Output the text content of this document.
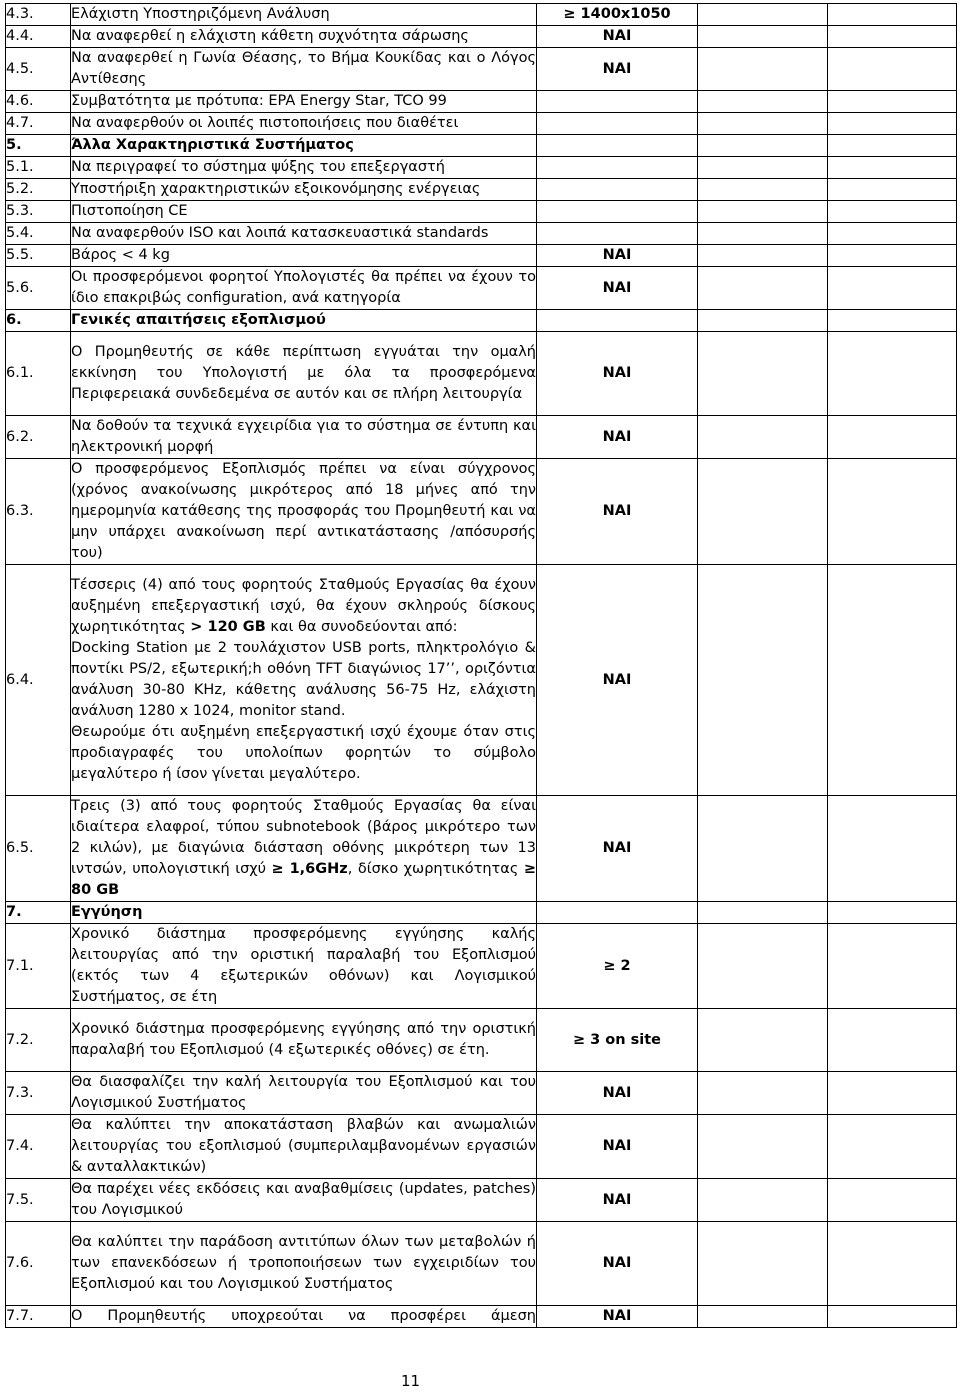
4.3.	Ελάχιστη Υποστηριζόμενη Ανάλυση	≥ 1400x1050		
4.4.	Να αναφερθεί η ελάχιστη κάθετη συχνότητα σάρωσης	ΝΑΙ		
4.5.	Να αναφερθεί η Γωνία Θέασης, το Βήμα Κουκίδας και ο Λόγος Αντίθεσης	ΝΑΙ		
4.6.	Συμβατότητα με πρότυπα: EPA Energy Star, TCO 99			
4.7.	Να αναφερθούν οι λοιπές πιστοποιήσεις που διαθέτει			
5.	Άλλα Χαρακτηριστικά Συστήματος			
5.1.	Να περιγραφεί το σύστημα ψύξης του επεξεργαστή			
5.2.	Υποστήριξη χαρακτηριστικών εξοικονόμησης ενέργειας			
5.3.	Πιστοποίηση CE			
5.4.	Να αναφερθούν ISO και λοιπά κατασκευαστικά standards			
5.5.	Βάρος < 4 kg	ΝΑΙ		
5.6.	Οι προσφερόμενοι φορητοί Υπολογιστές θα πρέπει να έχουν το ίδιο επακριβώς configuration, ανά κατηγορία	ΝΑΙ		
6.	Γενικές απαιτήσεις εξοπλισμού			
6.1.	Ο Προμηθευτής σε κάθε περίπτωση εγγυάται την ομαλή εκκίνηση του Υπολογιστή με όλα τα προσφερόμενα Περιφερειακά συνδεδεμένα σε αυτόν και σε πλήρη λειτουργία	ΝΑΙ		
6.2.	Να δοθούν τα τεχνικά εγχειρίδια για το σύστημα σε έντυπη και ηλεκτρονική μορφή	ΝΑΙ		
6.3.	Ο προσφερόμενος Εξοπλισμός πρέπει να είναι σύγχρονος (χρόνος ανακοίνωσης μικρότερος από 18 μήνες από την ημερομηνία κατάθεσης της προσφοράς του Προμηθευτή και να μην υπάρχει ανακοίνωση περί αντικατάστασης /απόσυρσής του)	ΝΑΙ		
6.4.	Τέσσερις (4) από τους φορητούς Σταθμούς Εργασίας θα έχουν αυξημένη επεξεργαστική ισχύ, θα έχουν σκληρούς δίσκους χωρητικότητας > 120 GB και θα συνοδεύονται από:
Docking Station με 2 τουλάχιστον USB ports, πληκτρολόγιο & ποντίκι PS/2, εξωτερική;h οθόνη TFT διαγώνιος 17’’, οριζόντια ανάλυση 30-80 KHz, κάθετης ανάλυσης 56-75 Hz, ελάχιστη ανάλυση 1280 x 1024, monitor stand.
Θεωρούμε ότι αυξημένη επεξεργαστική ισχύ έχουμε όταν στις προδιαγραφές του υπολοίπων φορητών το σύμβολο μεγαλύτερο ή ίσον γίνεται μεγαλύτερο.	ΝΑΙ		
6.5.	Τρεις (3) από τους φορητούς Σταθμούς Εργασίας θα είναι ιδιαίτερα ελαφροί, τύπου subnotebook (βάρος μικρότερο των 2 κιλών), με διαγώνια διάσταση οθόνης μικρότερη των 13 ιντσών, υπολογιστική ισχύ ≥ 1,6GHz, δίσκο χωρητικότητας ≥ 80 GB	ΝΑΙ		
7.	Εγγύηση			
7.1.	Χρονικό διάστημα προσφερόμενης εγγύησης καλής λειτουργίας από την οριστική παραλαβή του Εξοπλισμού (εκτός των 4 εξωτερικών οθόνων) και Λογισμικού Συστήματος, σε έτη	≥ 2		
7.2.	Χρονικό διάστημα προσφερόμενης εγγύησης από την οριστική παραλαβή του Εξοπλισμού (4 εξωτερικές οθόνες) σε έτη.	≥ 3 on site		
7.3.	Θα διασφαλίζει την καλή λειτουργία του Εξοπλισμού και του Λογισμικού Συστήματος	ΝΑΙ		
7.4.	Θα καλύπτει την αποκατάσταση βλαβών και ανωμαλιών λειτουργίας του εξοπλισμού (συμπεριλαμβανομένων εργασιών & ανταλλακτικών)	ΝΑΙ		
7.5.	Θα παρέχει νέες εκδόσεις και αναβαθμίσεις (updates, patches) του Λογισμικού	ΝΑΙ		
7.6.	Θα καλύπτει την παράδοση αντιτύπων όλων των μεταβολών ή των επανεκδόσεων ή τροποποιήσεων των εγχειριδίων του Εξοπλισμού και του Λογισμικού Συστήματος	ΝΑΙ		
7.7.	Ο Προμηθευτής υποχρεούται να προσφέρει άμεση	ΝΑΙ		
11
